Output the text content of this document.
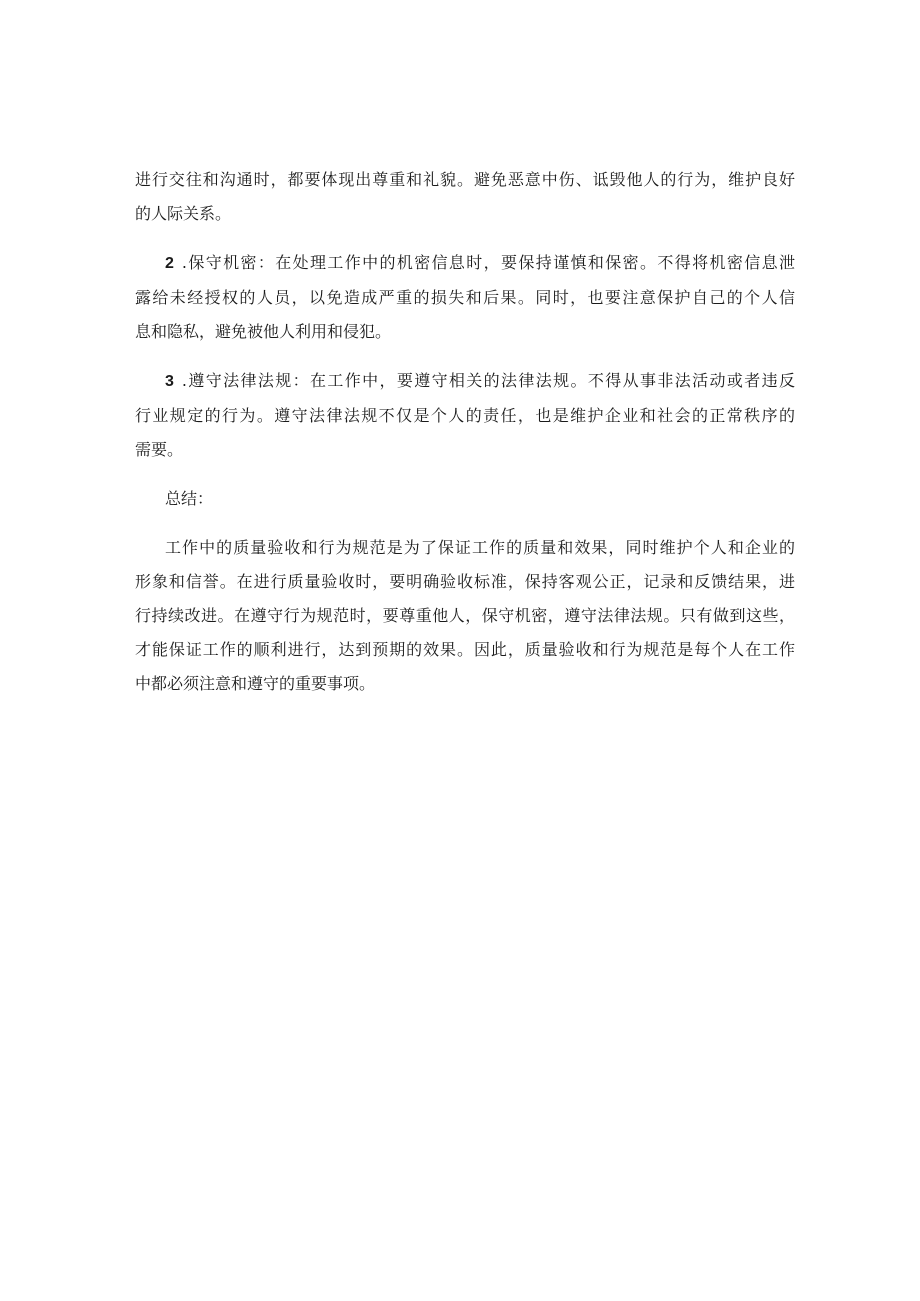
进行交往和沟通时，都要体现出尊重和礼貌。避免恶意中伤、诋毁他人的行为，维护良好
的人际关系。

2 .保守机密：在处理工作中的机密信息时，要保持谨慎和保密。不得将机密信息泄
露给未经授权的人员，以免造成严重的损失和后果。同时，也要注意保护自己的个人信
息和隐私，避免被他人利用和侵犯。

3 .遵守法律法规：在工作中，要遵守相关的法律法规。不得从事非法活动或者违反
行业规定的行为。遵守法律法规不仅是个人的责任，也是维护企业和社会的正常秩序的
需要。

总结：

工作中的质量验收和行为规范是为了保证工作的质量和效果，同时维护个人和企业的
形象和信誉。在进行质量验收时，要明确验收标准，保持客观公正，记录和反馈结果，进
行持续改进。在遵守行为规范时，要尊重他人，保守机密，遵守法律法规。只有做到这些，
才能保证工作的顺利进行，达到预期的效果。因此，质量验收和行为规范是每个人在工作
中都必须注意和遵守的重要事项。
